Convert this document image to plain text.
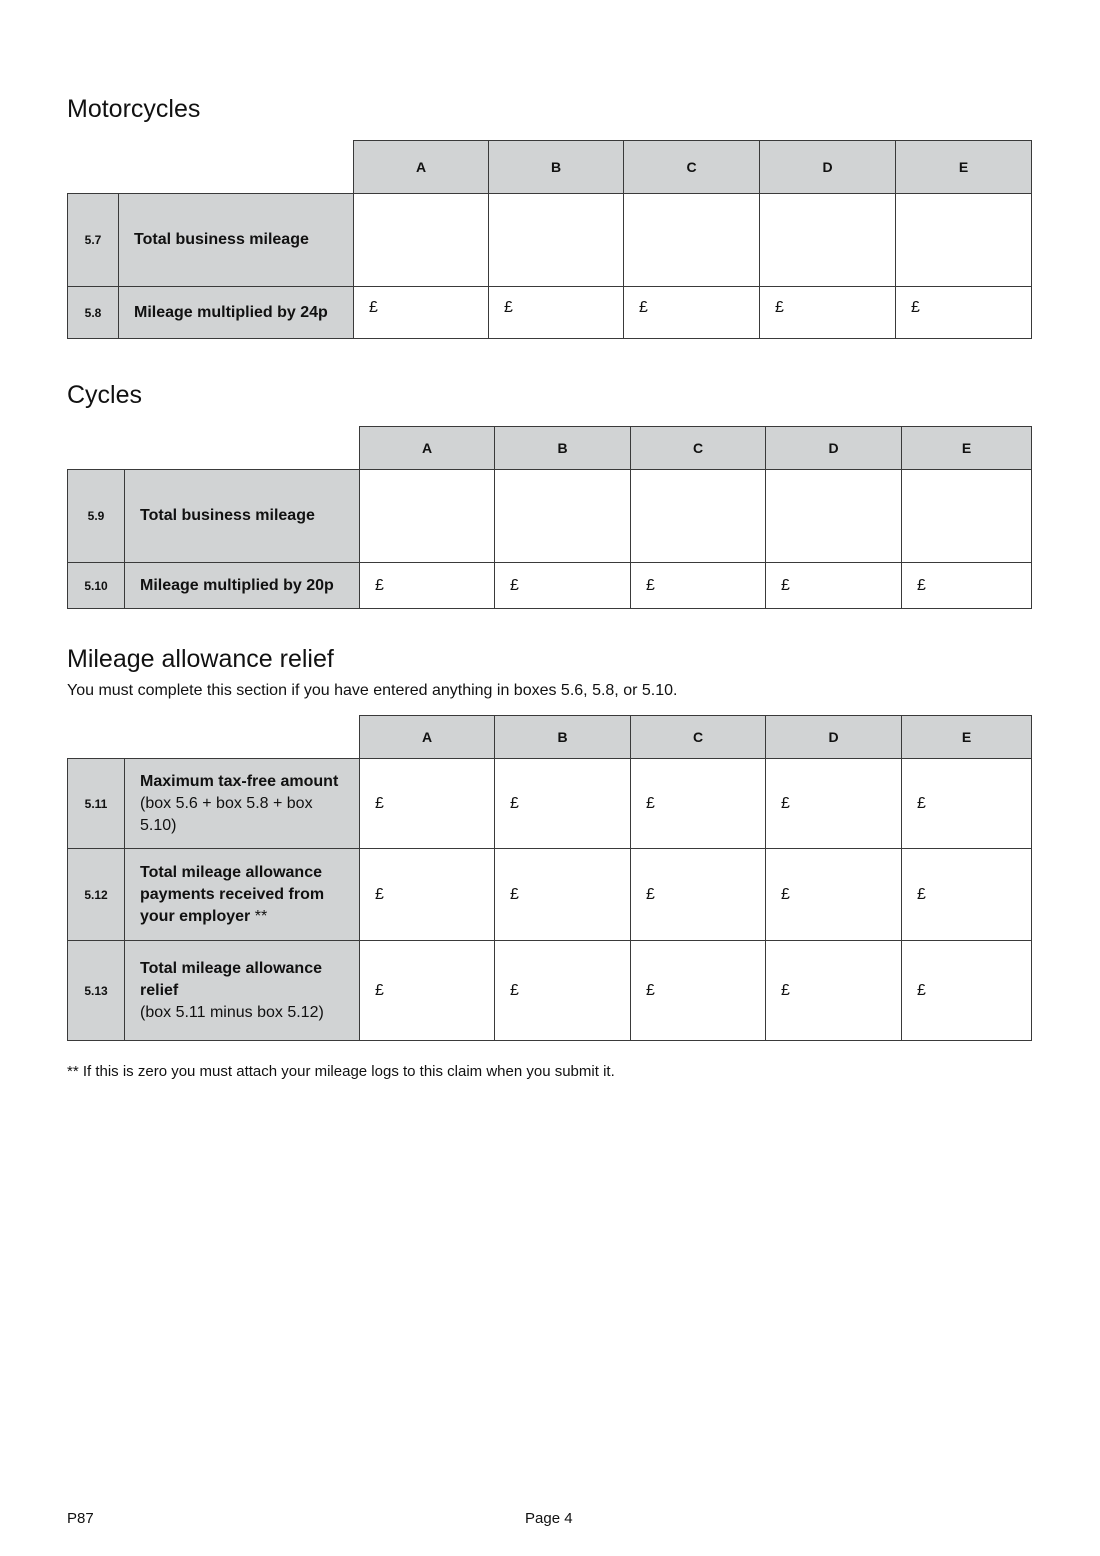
Motorcycles
		A	B	C	D	E
5.7	Total business mileage					
5.8	Mileage multiplied by 24p	£	£	£	£	£
Cycles
		A	B	C	D	E
5.9	Total business mileage					
5.10	Mileage multiplied by 20p	£	£	£	£	£
Mileage allowance relief

You must complete this section if you have entered anything in boxes 5.6, 5.8, or 5.10.

		A	B	C	D	E
5.11	Maximum tax-free amount
(box 5.6 + box 5.8 + box 5.10)	£	£	£	£	£
5.12	Total mileage allowance payments received from your employer **	£	£	£	£	£
5.13	Total mileage allowance relief
(box 5.11 minus box 5.12)	£	£	£	£	£

** If this is zero you must attach your mileage logs to this claim when you submit it.

P87	Page 4
